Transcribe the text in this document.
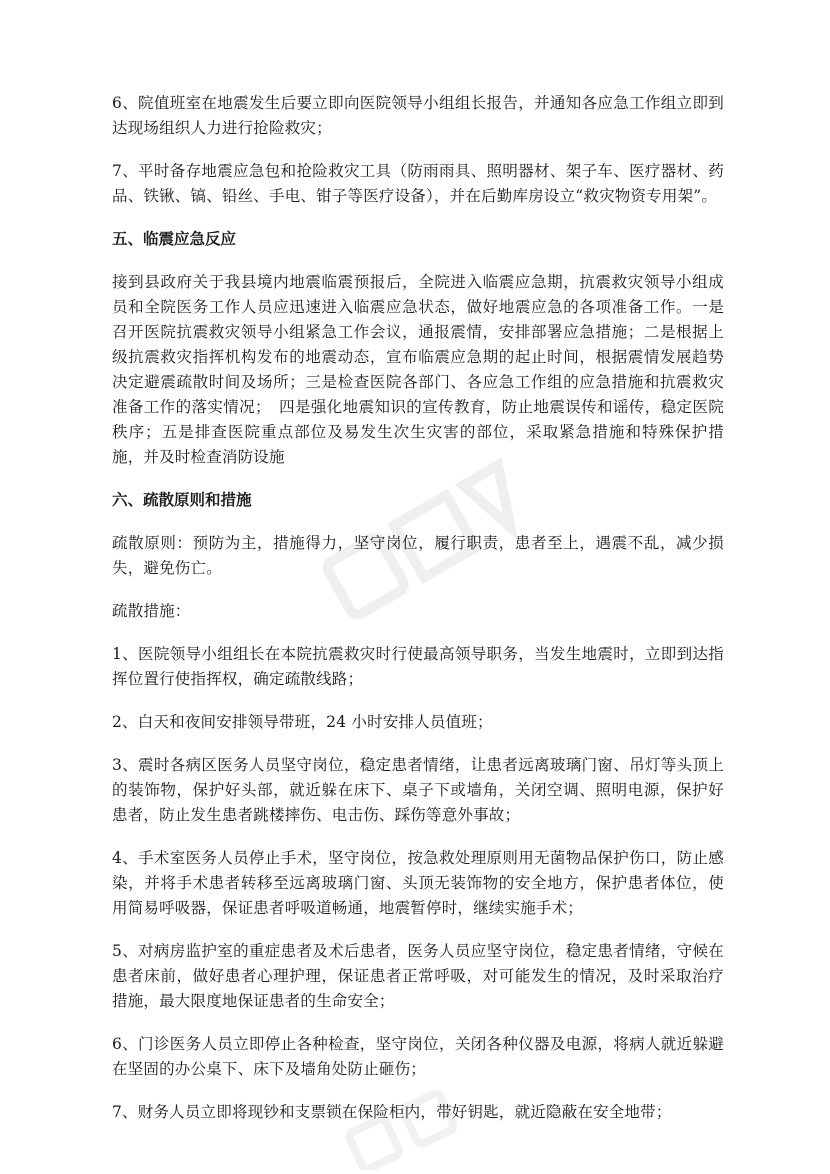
6、院值班室在地震发生后要立即向医院领导小组组长报告，并通知各应急工作组立即到达现场组织人力进行抢险救灾；

7、平时备存地震应急包和抢险救灾工具（防雨雨具、照明器材、架子车、医疗器材、药品、铁锹、镐、铅丝、手电、钳子等医疗设备），并在后勤库房设立“救灾物资专用架”。

五、临震应急反应

接到县政府关于我县境内地震临震预报后，全院进入临震应急期，抗震救灾领导小组成员和全院医务工作人员应迅速进入临震应急状态，做好地震应急的各项准备工作。一是召开医院抗震救灾领导小组紧急工作会议，通报震情，安排部署应急措施；二是根据上级抗震救灾指挥机构发布的地震动态，宣布临震应急期的起止时间，根据震情发展趋势决定避震疏散时间及场所；三是检查医院各部门、各应急工作组的应急措施和抗震救灾准备工作的落实情况；　四是强化地震知识的宣传教育，防止地震误传和谣传，稳定医院秩序；五是排查医院重点部位及易发生次生灾害的部位，采取紧急措施和特殊保护措施，并及时检查消防设施

六、疏散原则和措施

疏散原则：预防为主，措施得力，坚守岗位，履行职责，患者至上，遇震不乱，减少损失，避免伤亡。

疏散措施：

1、医院领导小组组长在本院抗震救灾时行使最高领导职务，当发生地震时，立即到达指挥位置行使指挥权，确定疏散线路；

2、白天和夜间安排领导带班，24 小时安排人员值班；

3、震时各病区医务人员坚守岗位，稳定患者情绪，让患者远离玻璃门窗、吊灯等头顶上的装饰物，保护好头部，就近躲在床下、桌子下或墙角，关闭空调、照明电源，保护好患者，防止发生患者跳楼摔伤、电击伤、踩伤等意外事故；

4、手术室医务人员停止手术，坚守岗位，按急救处理原则用无菌物品保护伤口，防止感染，并将手术患者转移至远离玻璃门窗、头顶无装饰物的安全地方，保护患者体位，使用简易呼吸器，保证患者呼吸道畅通，地震暂停时，继续实施手术；

5、对病房监护室的重症患者及术后患者，医务人员应坚守岗位，稳定患者情绪，守候在患者床前，做好患者心理护理，保证患者正常呼吸，对可能发生的情况，及时采取治疗措施，最大限度地保证患者的生命安全；

6、门诊医务人员立即停止各种检查，坚守岗位，关闭各种仪器及电源，将病人就近躲避在坚固的办公桌下、床下及墙角处防止砸伤；

7、财务人员立即将现钞和支票锁在保险柜内，带好钥匙，就近隐蔽在安全地带；
